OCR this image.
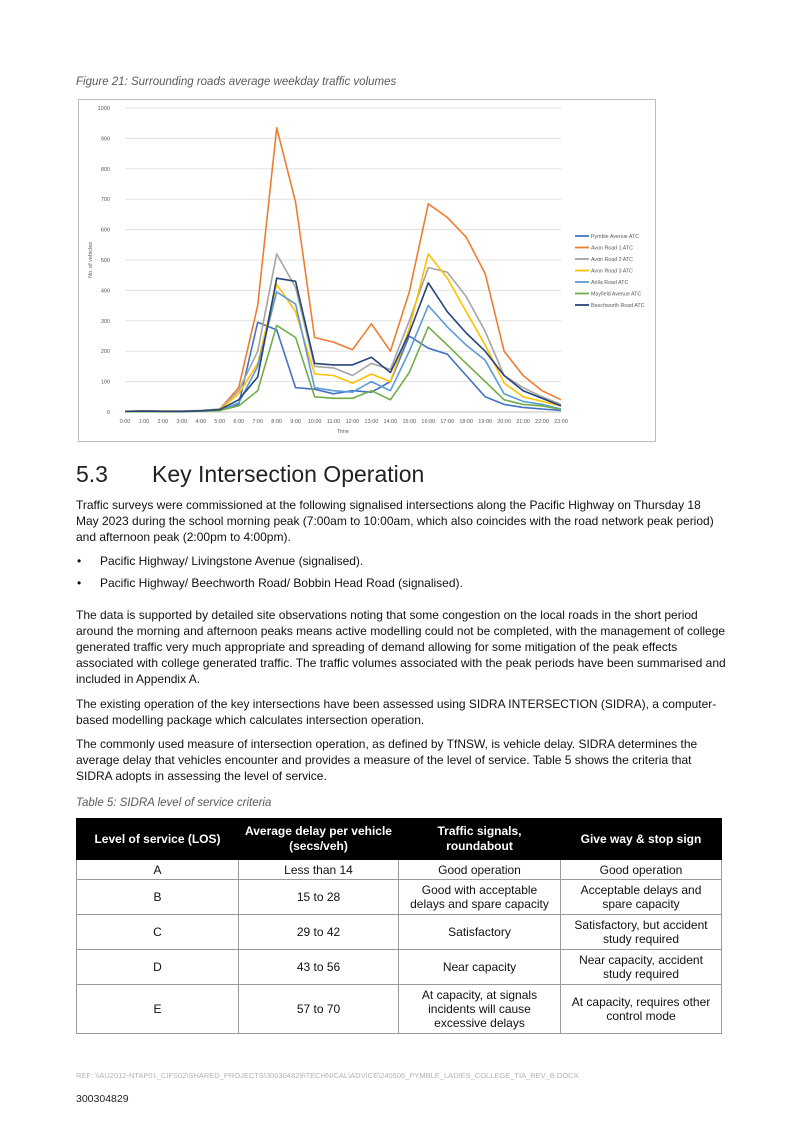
Figure 21: Surrounding roads average weekday traffic volumes
0
100
200
300
400
500
600
700
800
900
1000
0:00 1:00 2:00 3:00 4:00 5:00 6:00 7:00 8:00 9:00 10:00 11:00 12:00 13:00 14:00 15:00 16:00 17:00 18:00 19:00 20:00 21:00 22:00 23:00
Time
No. of vehicles
Pymble Avenue ATC
Avon Road 1 ATC
Avon Road 2 ATC
Avon Road 3 ATC
Arilla Road ATC
Mayfield Avenue ATC
Beechworth Road ATC
5.3 Key Intersection Operation
Traffic surveys were commissioned at the following signalised intersections along the Pacific Highway on Thursday 18 May 2023 during the school morning peak (7:00am to 10:00am, which also coincides with the road network peak period) and afternoon peak (2:00pm to 4:00pm).
• Pacific Highway/ Livingstone Avenue (signalised).
• Pacific Highway/ Beechworth Road/ Bobbin Head Road (signalised).
The data is supported by detailed site observations noting that some congestion on the local roads in the short period around the morning and afternoon peaks means active modelling could not be completed, with the management of college generated traffic very much appropriate and spreading of demand allowing for some mitigation of the peak effects associated with college generated traffic. The traffic volumes associated with the peak periods have been summarised and included in Appendix A.
The existing operation of the key intersections have been assessed using SIDRA INTERSECTION (SIDRA), a computer-based modelling package which calculates intersection operation.
The commonly used measure of intersection operation, as defined by TfNSW, is vehicle delay. SIDRA determines the average delay that vehicles encounter and provides a measure of the level of service. Table 5 shows the criteria that SIDRA adopts in assessing the level of service.
Table 5: SIDRA level of service criteria
Level of service (LOS)	Average delay per vehicle (secs/veh)	Traffic signals, roundabout	Give way & stop sign
A	Less than 14	Good operation	Good operation
B	15 to 28	Good with acceptable delays and spare capacity	Acceptable delays and spare capacity
C	29 to 42	Satisfactory	Satisfactory, but accident study required
D	43 to 56	Near capacity	Near capacity, accident study required
E	57 to 70	At capacity, at signals incidents will cause excessive delays	At capacity, requires other control mode
REF: \\AU2012-NTAP01_CIFS02\SHARED_PROJECTS\300304829\TECHNICAL\ADVICE\240506_PYMBLE_LADIES_COLLEGE_TIA_REV_B.DOCX
300304829
